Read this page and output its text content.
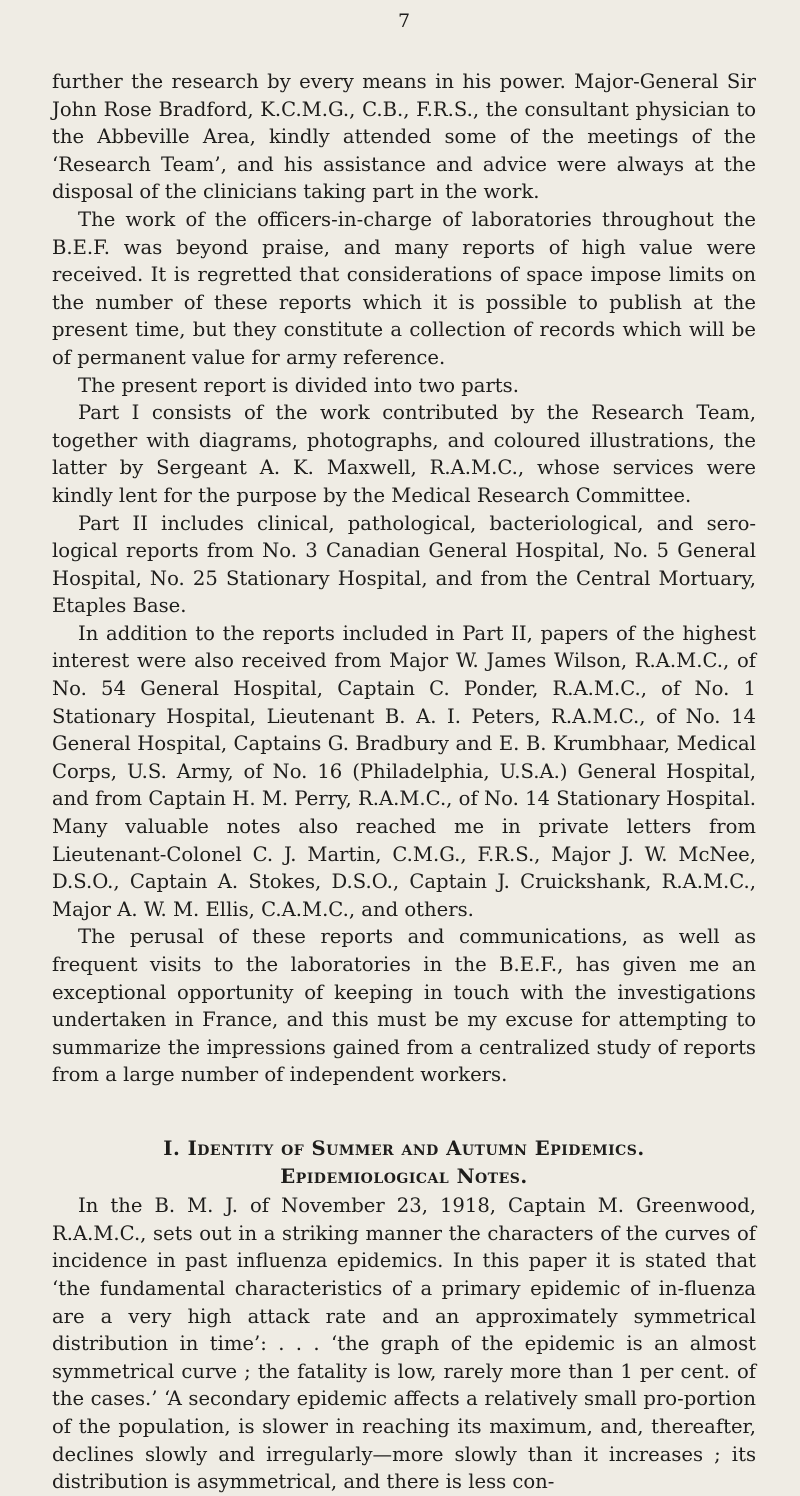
7

further the research by every means in his power. Major-General Sir John Rose Bradford, K.C.M.G., C.B., F.R.S., the consultant physician to the Abbeville Area, kindly attended some of the meetings of the ‘Research Team’, and his assistance and advice were always at the disposal of the clinicians taking part in the work.

The work of the officers-in-charge of laboratories throughout the B.E.F. was beyond praise, and many reports of high value were received. It is regretted that considerations of space impose limits on the number of these reports which it is possible to publish at the present time, but they constitute a collection of records which will be of permanent value for army reference.

The present report is divided into two parts.

Part I consists of the work contributed by the Research Team, together with diagrams, photographs, and coloured illustrations, the latter by Sergeant A. K. Maxwell, R.A.M.C., whose services were kindly lent for the purpose by the Medical Research Committee.

Part II includes clinical, pathological, bacteriological, and sero-logical reports from No. 3 Canadian General Hospital, No. 5 General Hospital, No. 25 Stationary Hospital, and from the Central Mortuary, Etaples Base.

In addition to the reports included in Part II, papers of the highest interest were also received from Major W. James Wilson, R.A.M.C., of No. 54 General Hospital, Captain C. Ponder, R.A.M.C., of No. 1 Stationary Hospital, Lieutenant B. A. I. Peters, R.A.M.C., of No. 14 General Hospital, Captains G. Bradbury and E. B. Krumbhaar, Medical Corps, U.S. Army, of No. 16 (Philadelphia, U.S.A.) General Hospital, and from Captain H. M. Perry, R.A.M.C., of No. 14 Stationary Hospital. Many valuable notes also reached me in private letters from Lieutenant-Colonel C. J. Martin, C.M.G., F.R.S., Major J. W. McNee, D.S.O., Captain A. Stokes, D.S.O., Captain J. Cruickshank, R.A.M.C., Major A. W. M. Ellis, C.A.M.C., and others.

The perusal of these reports and communications, as well as frequent visits to the laboratories in the B.E.F., has given me an exceptional opportunity of keeping in touch with the investigations undertaken in France, and this must be my excuse for attempting to summarize the impressions gained from a centralized study of reports from a large number of independent workers.

I. Identity of Summer and Autumn Epidemics.
Epidemiological Notes.

In the B. M. J. of November 23, 1918, Captain M. Greenwood, R.A.M.C., sets out in a striking manner the characters of the curves of incidence in past influenza epidemics. In this paper it is stated that ‘the fundamental characteristics of a primary epidemic of in-fluenza are a very high attack rate and an approximately symmetrical distribution in time’: . . . ‘the graph of the epidemic is an almost symmetrical curve ; the fatality is low, rarely more than 1 per cent. of the cases.’ ‘A secondary epidemic affects a relatively small pro-portion of the population, is slower in reaching its maximum, and, thereafter, declines slowly and irregularly—more slowly than it increases ; its distribution is asymmetrical, and there is less con-
